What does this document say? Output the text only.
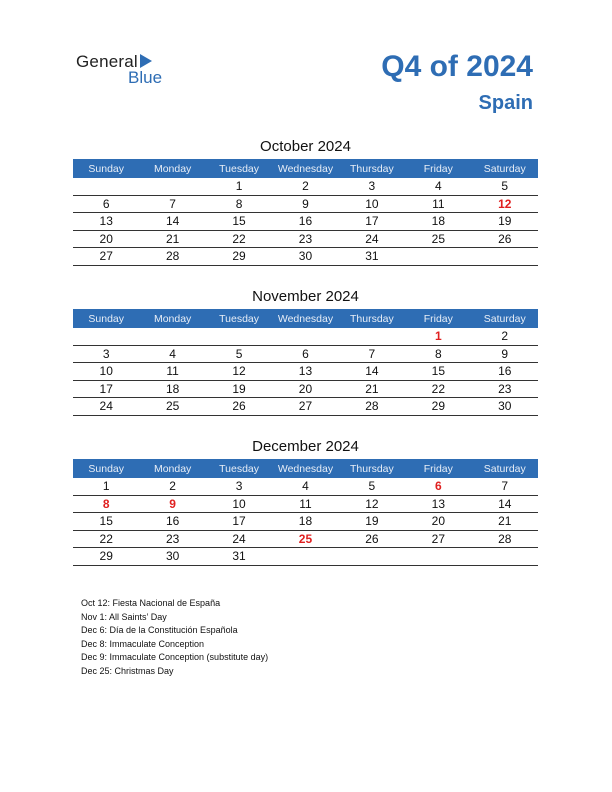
General
Blue	Q4 of 2024
Spain
October 2024
Sunday	Monday	Tuesday	Wednesday	Thursday	Friday	Saturday
		1	2	3	4	5
6	7	8	9	10	11	12
13	14	15	16	17	18	19
20	21	22	23	24	25	26
27	28	29	30	31		
November 2024
Sunday	Monday	Tuesday	Wednesday	Thursday	Friday	Saturday
					1	2
3	4	5	6	7	8	9
10	11	12	13	14	15	16
17	18	19	20	21	22	23
24	25	26	27	28	29	30
December 2024
Sunday	Monday	Tuesday	Wednesday	Thursday	Friday	Saturday
1	2	3	4	5	6	7
8	9	10	11	12	13	14
15	16	17	18	19	20	21
22	23	24	25	26	27	28
29	30	31				
Oct 12: Fiesta Nacional de España
Nov 1: All Saints’ Day
Dec 6: Día de la Constitución Española
Dec 8: Immaculate Conception
Dec 9: Immaculate Conception (substitute day)
Dec 25: Christmas Day
